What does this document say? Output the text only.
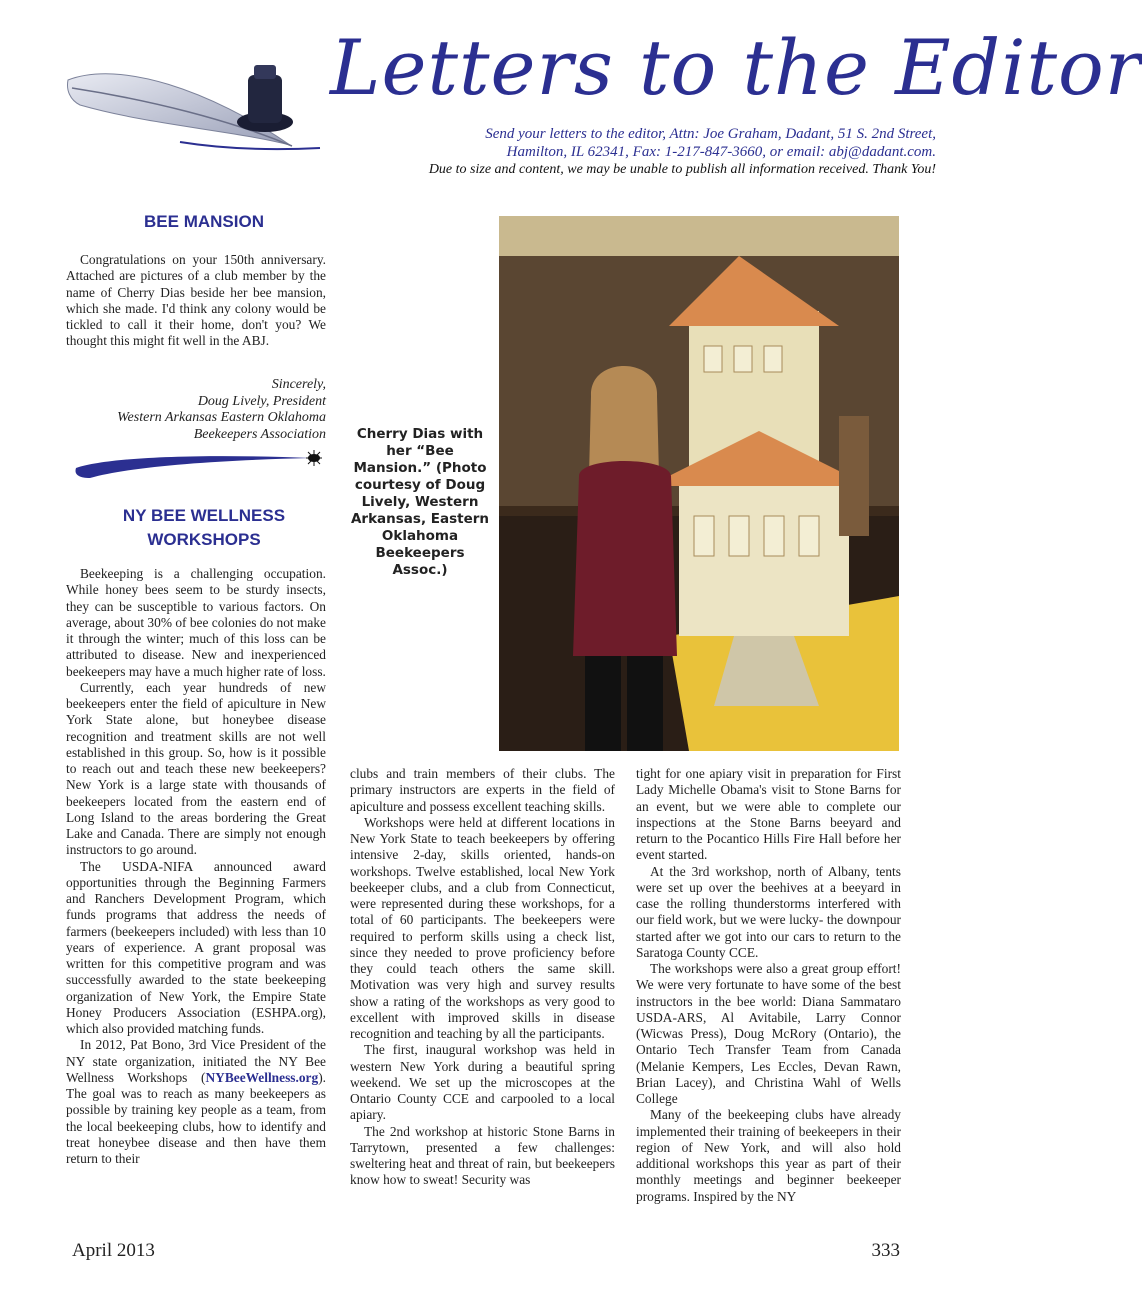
Letters to the Editor
Send your letters to the editor, Attn: Joe Graham, Dadant, 51 S. 2nd Street,
Hamilton, IL 62341, Fax: 1-217-847-3660, or email: abj@dadant.com.
Due to size and content, we may be unable to publish all information received. Thank You!
BEE MANSION

Congratulations on your 150th anniversary. Attached are pictures of a club member by the name of Cherry Dias beside her bee mansion, which she made. I'd think any colony would be tickled to call it their home, don't you? We thought this might fit well in the ABJ.

Sincerely,
Doug Lively, President
Western Arkansas Eastern Oklahoma
Beekeepers Association
NY BEE WELLNESS
WORKSHOPS

Beekeeping is a challenging occupation. While honey bees seem to be sturdy insects, they can be susceptible to various factors. On average, about 30% of bee colonies do not make it through the winter; much of this loss can be attributed to disease. New and inexperienced beekeepers may have a much higher rate of loss.

Currently, each year hundreds of new beekeepers enter the field of apiculture in New York State alone, but honeybee disease recognition and treatment skills are not well established in this group. So, how is it possible to reach out and teach these new beekeepers? New York is a large state with thousands of beekeepers located from the eastern end of Long Island to the areas bordering the Great Lake and Canada. There are simply not enough instructors to go around.

The USDA-NIFA announced award opportunities through the Beginning Farmers and Ranchers Development Program, which funds programs that address the needs of farmers (beekeepers included) with less than 10 years of experience. A grant proposal was written for this competitive program and was successfully awarded to the state beekeeping organization of New York, the Empire State Honey Producers Association (ESHPA.org), which also provided matching funds.

In 2012, Pat Bono, 3rd Vice President of the NY state organization, initiated the NY Bee Wellness Workshops (NYBeeWellness.org). The goal was to reach as many beekeepers as possible by training key people as a team, from the local beekeeping clubs, how to identify and treat honeybee disease and then have them return to their

Cherry Dias with her “Bee Mansion.” (Photo courtesy of Doug Lively, Western Arkansas, Eastern Oklahoma Beekeepers Assoc.)

clubs and train members of their clubs. The primary instructors are experts in the field of apiculture and possess excellent teaching skills.

Workshops were held at different locations in New York State to teach beekeepers by offering intensive 2-day, skills oriented, hands-on workshops. Twelve established, local New York beekeeper clubs, and a club from Connecticut, were represented during these workshops, for a total of 60 participants. The beekeepers were required to perform skills using a check list, since they needed to prove proficiency before they could teach others the same skill. Motivation was very high and survey results show a rating of the workshops as very good to excellent with improved skills in disease recognition and teaching by all the participants.

The first, inaugural workshop was held in western New York during a beautiful spring weekend. We set up the microscopes at the Ontario County CCE and carpooled to a local apiary.

The 2nd workshop at historic Stone Barns in Tarrytown, presented a few challenges: sweltering heat and threat of rain, but beekeepers know how to sweat! Security was

tight for one apiary visit in preparation for First Lady Michelle Obama's visit to Stone Barns for an event, but we were able to complete our inspections at the Stone Barns beeyard and return to the Pocantico Hills Fire Hall before her event started.

At the 3rd workshop, north of Albany, tents were set up over the beehives at a beeyard in case the rolling thunderstorms interfered with our field work, but we were lucky- the downpour started after we got into our cars to return to the Saratoga County CCE.

The workshops were also a great group effort! We were very fortunate to have some of the best instructors in the bee world: Diana Sammataro USDA-ARS, Al Avitabile, Larry Connor (Wicwas Press), Doug McRory (Ontario), the Ontario Tech Transfer Team from Canada (Melanie Kempers, Les Eccles, Devan Rawn, Brian Lacey), and Christina Wahl of Wells College

Many of the beekeeping clubs have already implemented their training of beekeepers in their region of New York, and will also hold additional workshops this year as part of their monthly meetings and beginner beekeeper programs. Inspired by the NY

April 2013	333
